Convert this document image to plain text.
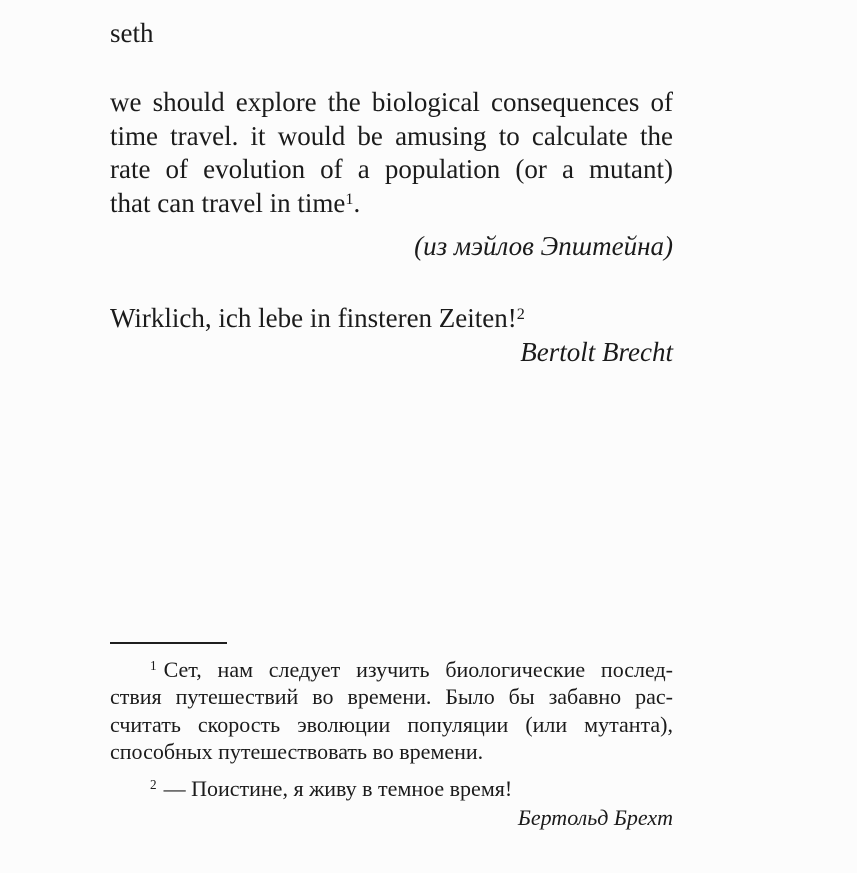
seth
we should explore the biological consequences of
time travel. it would be amusing to calculate the
rate of evolution of a population (or a mutant)
that can travel in time$^1$.
(из мэйлов Эпштейна)
Wirklich, ich lebe in finsteren Zeiten!$^2$
Bertolt Brecht
$^1$ Сет, нам следует изучить биологические послед-
ствия путешествий во времени. Было бы забавно рас-
считать скорость эволюции популяции (или мутанта),
способных путешествовать во времени.
$^2$ — Поистине, я живу в темное время!
Бертольд Брехт
